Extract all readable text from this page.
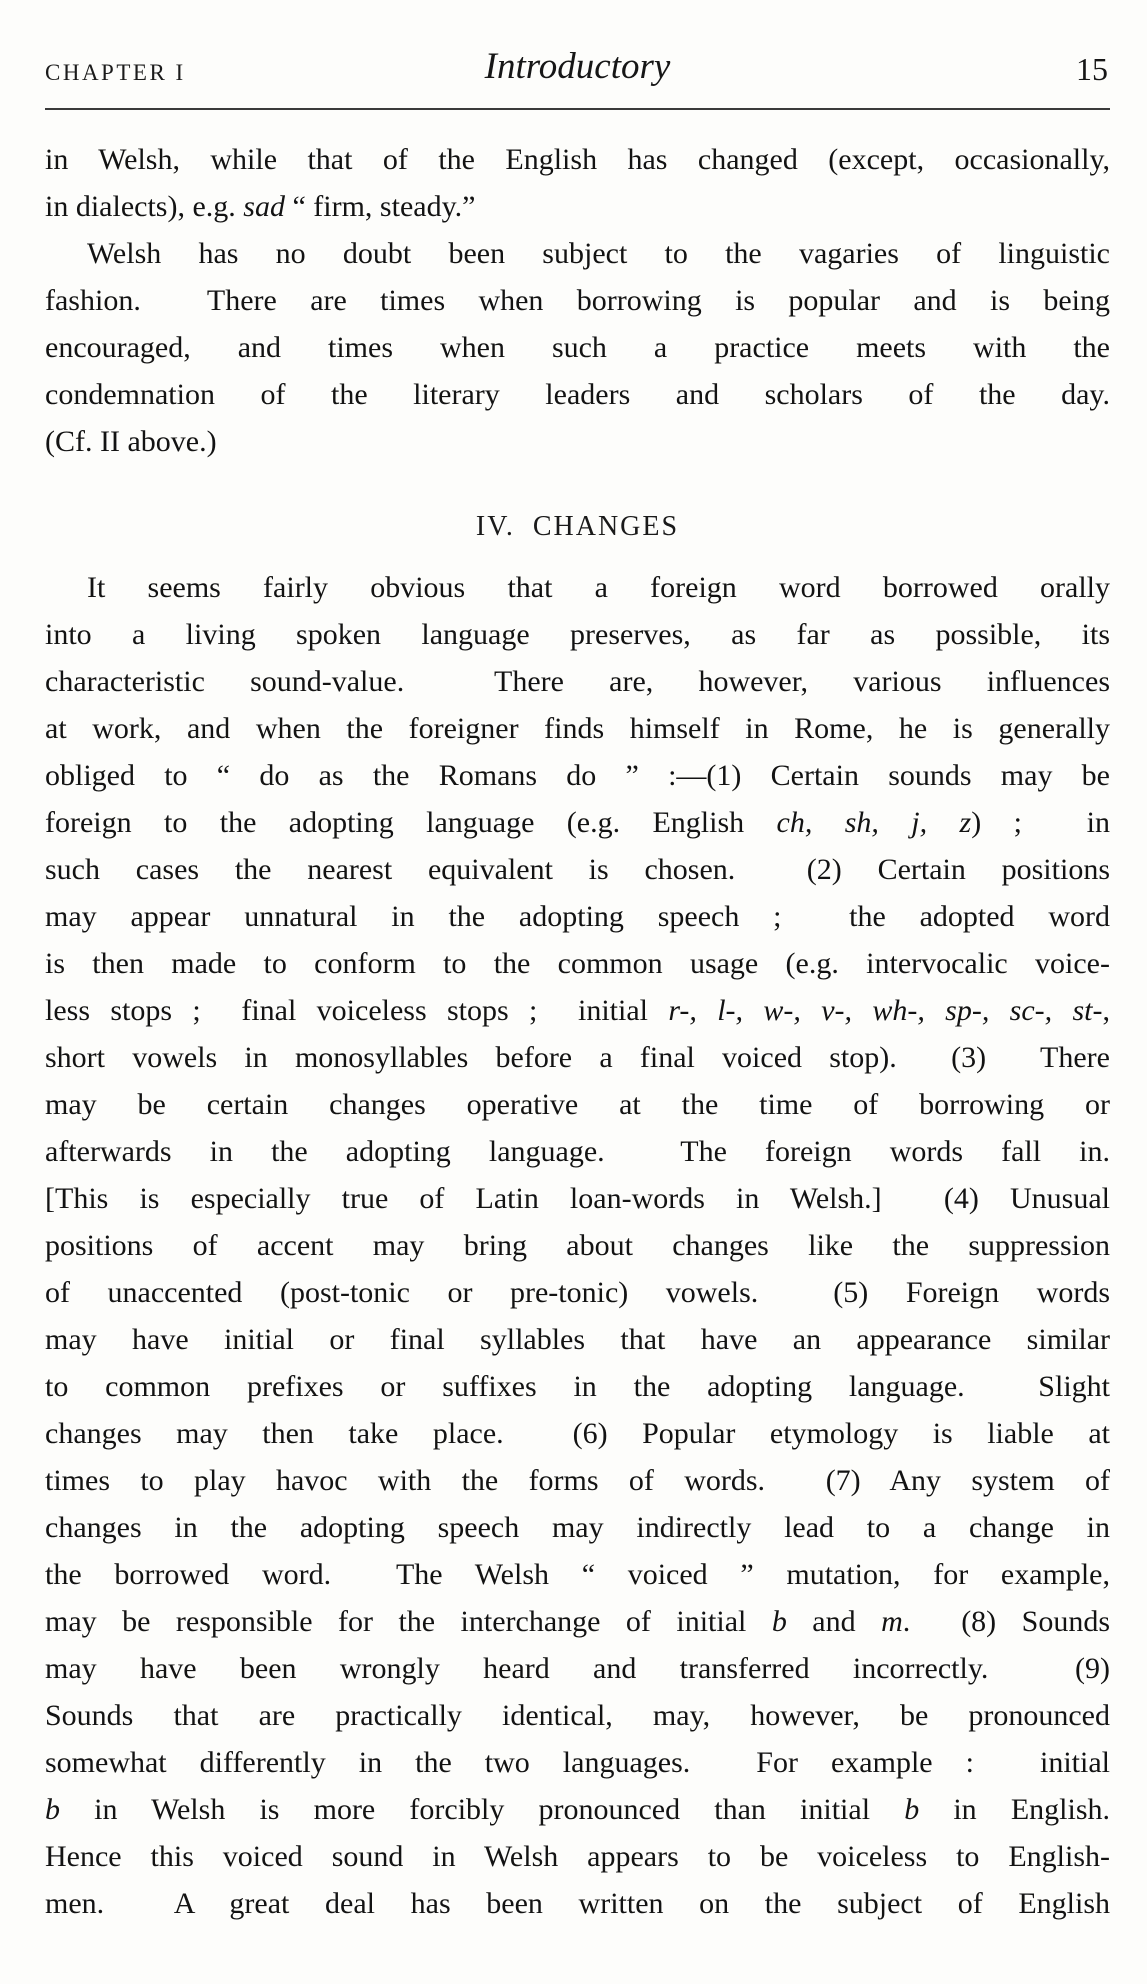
CHAPTER I	Introductory	15
in Welsh, while that of the English has changed (except, occasionally,
in dialects), e.g. sad “ firm, steady.”
Welsh has no doubt been subject to the vagaries of linguistic
fashion.  There are times when borrowing is popular and is being
encouraged, and times when such a practice meets with the
condemnation of the literary leaders and scholars of the day.
(Cf. II above.)
IV.  CHANGES
It seems fairly obvious that a foreign word borrowed orally
into a living spoken language preserves, as far as possible, its
characteristic sound-value.  There are, however, various influences
at work, and when the foreigner finds himself in Rome, he is generally
obliged to “ do as the Romans do ” :—(1) Certain sounds may be
foreign to the adopting language (e.g. English ch, sh, j, z) ;  in
such cases the nearest equivalent is chosen.  (2) Certain positions
may appear unnatural in the adopting speech ;  the adopted word
is then made to conform to the common usage (e.g. intervocalic voice-
less stops ;  final voiceless stops ;  initial r-, l-, w-, v-, wh-, sp-, sc-, st-,
short vowels in monosyllables before a final voiced stop).  (3)  There
may be certain changes operative at the time of borrowing or
afterwards in the adopting language.  The foreign words fall in.
[This is especially true of Latin loan-words in Welsh.]  (4) Unusual
positions of accent may bring about changes like the suppression
of unaccented (post-tonic or pre-tonic) vowels.  (5) Foreign words
may have initial or final syllables that have an appearance similar
to common prefixes or suffixes in the adopting language.  Slight
changes may then take place.  (6) Popular etymology is liable at
times to play havoc with the forms of words.  (7) Any system of
changes in the adopting speech may indirectly lead to a change in
the borrowed word.  The Welsh “ voiced ” mutation, for example,
may be responsible for the interchange of initial b and m.  (8) Sounds
may have been wrongly heard and transferred incorrectly.  (9)
Sounds that are practically identical, may, however, be pronounced
somewhat differently in the two languages.  For example :  initial
b in Welsh is more forcibly pronounced than initial b in English.
Hence this voiced sound in Welsh appears to be voiceless to English-
men.  A great deal has been written on the subject of English
